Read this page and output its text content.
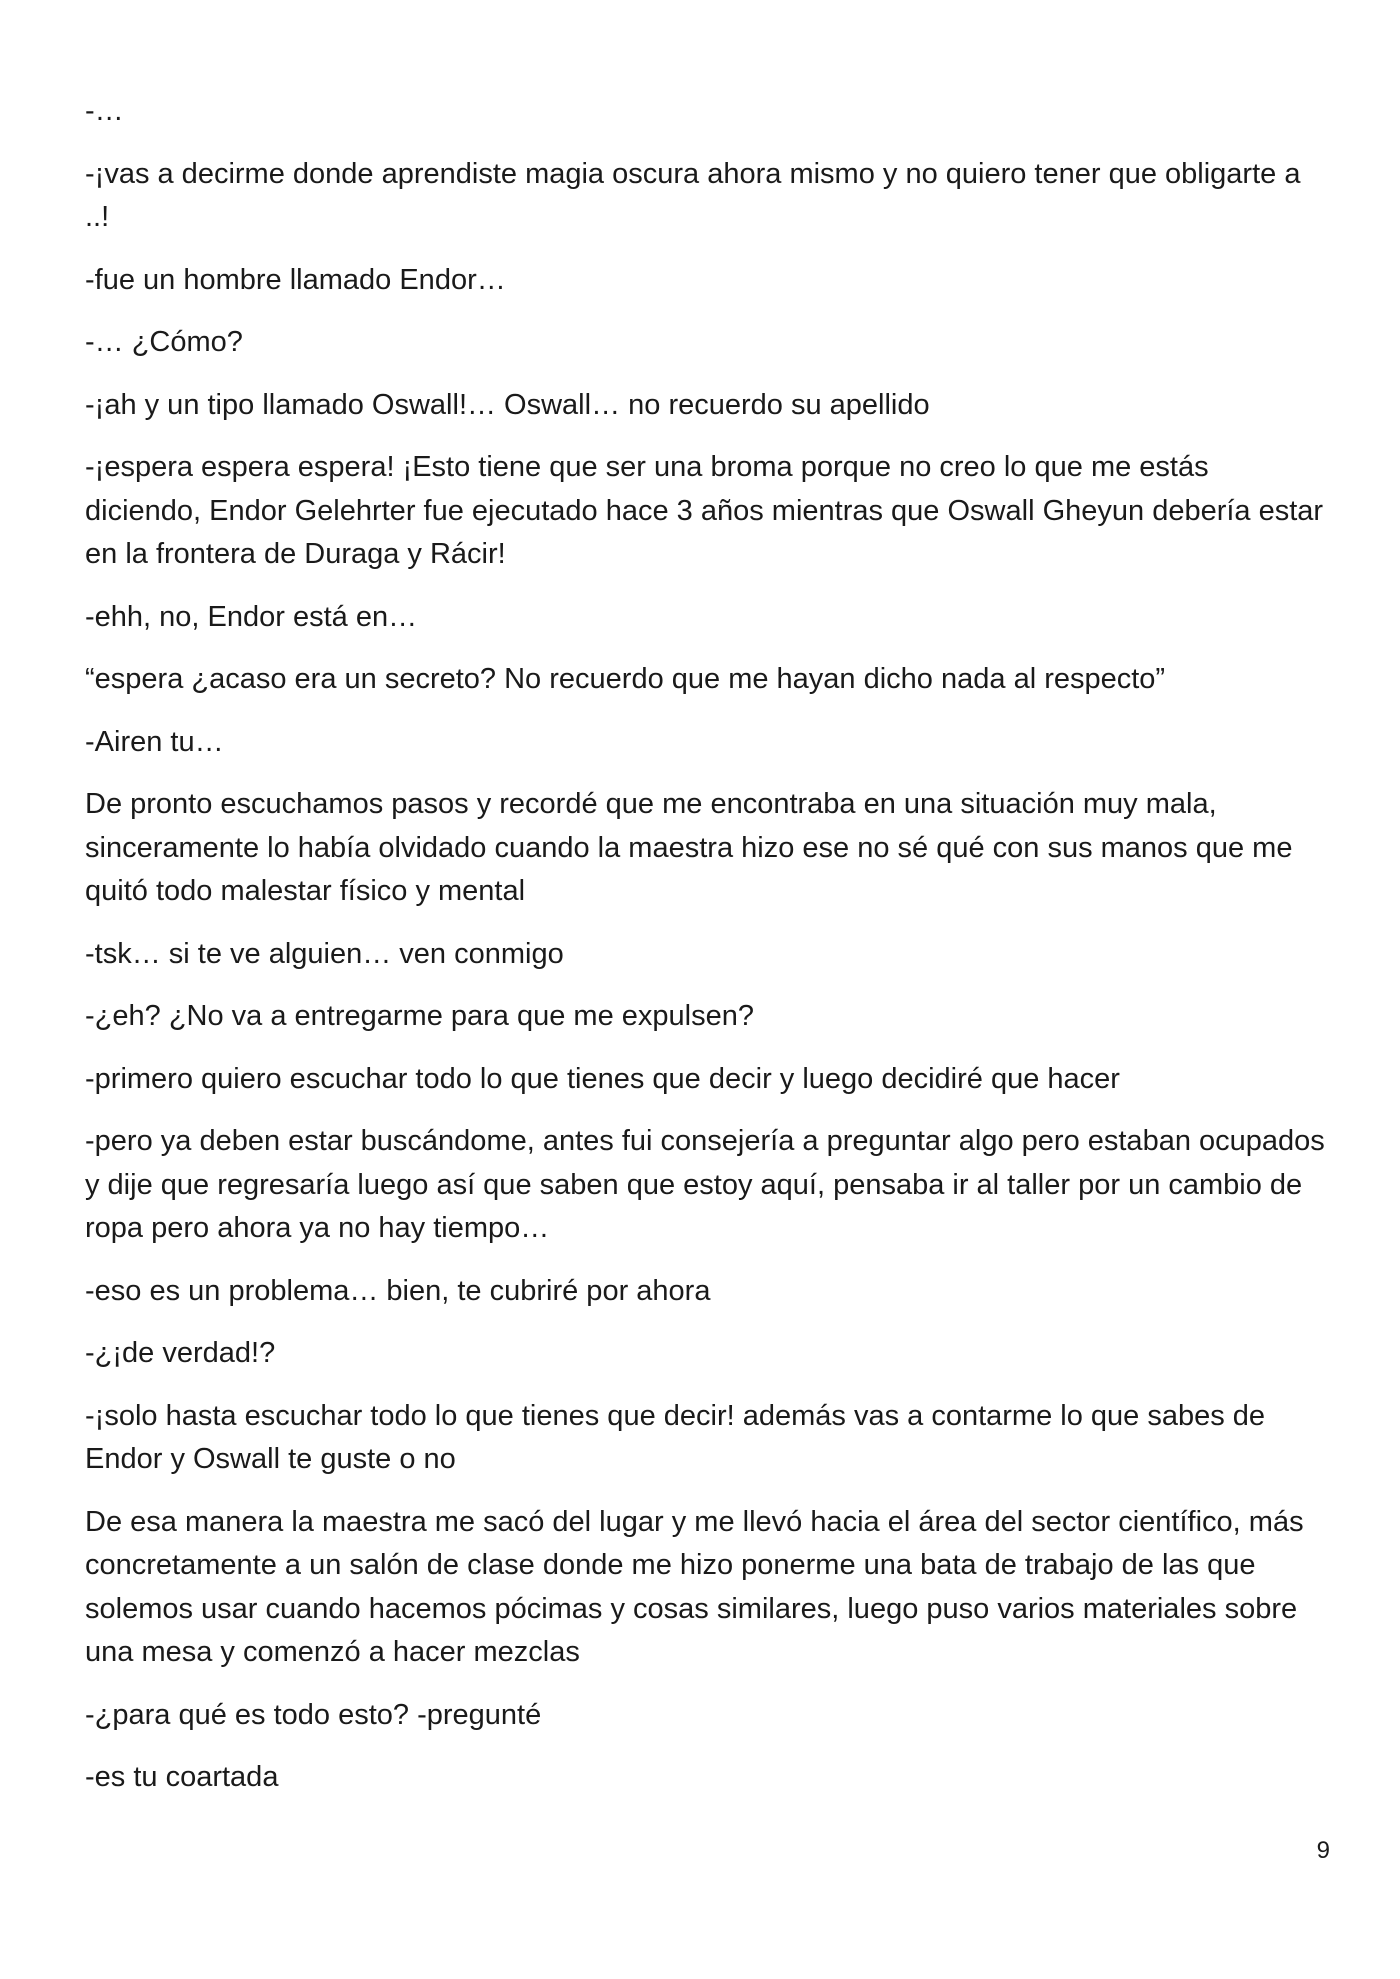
-…

-¡vas a decirme donde aprendiste magia oscura ahora mismo y no quiero tener que obligarte a ..!

-fue un hombre llamado Endor…

-… ¿Cómo?

-¡ah y un tipo llamado Oswall!… Oswall… no recuerdo su apellido

-¡espera espera espera! ¡Esto tiene que ser una broma porque no creo lo que me estás diciendo, Endor Gelehrter fue ejecutado hace 3 años mientras que Oswall Gheyun debería estar en la frontera de Duraga y Rácir!

-ehh, no, Endor está en…

“espera ¿acaso era un secreto? No recuerdo que me hayan dicho nada al respecto”

-Airen tu…

De pronto escuchamos pasos y recordé que me encontraba en una situación muy mala, sinceramente lo había olvidado cuando la maestra hizo ese no sé qué con sus manos que me quitó todo malestar físico y mental

-tsk… si te ve alguien… ven conmigo

-¿eh? ¿No va a entregarme para que me expulsen?

-primero quiero escuchar todo lo que tienes que decir y luego decidiré que hacer

-pero ya deben estar buscándome, antes fui consejería a preguntar algo pero estaban ocupados y dije que regresaría luego así que saben que estoy aquí, pensaba ir al taller por un cambio de ropa pero ahora ya no hay tiempo…

-eso es un problema… bien, te cubriré por ahora

-¿¡de verdad!?

-¡solo hasta escuchar todo lo que tienes que decir! además vas a contarme lo que sabes de Endor y Oswall te guste o no

De esa manera la maestra me sacó del lugar y me llevó hacia el área del sector científico, más concretamente a un salón de clase donde me hizo ponerme una bata de trabajo de las que solemos usar cuando hacemos pócimas y cosas similares, luego puso varios materiales sobre una mesa y comenzó a hacer mezclas

-¿para qué es todo esto? -pregunté

-es tu coartada

9
